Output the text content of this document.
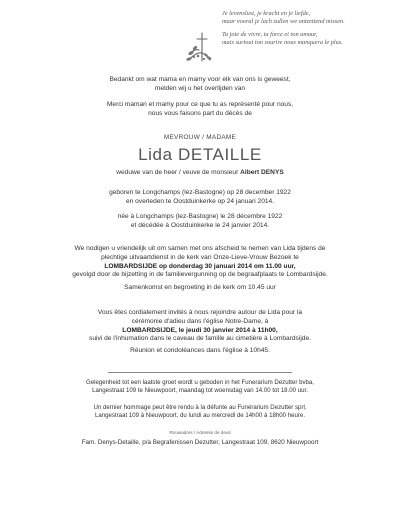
Je levenslust, je kracht en je liefde,
maar vooral je lach zullen we ontzettend missen.
Ta joie de vivre, ta force et ton amour,
mais surtout ton sourire nous manquera le plus.
Bedankt om wat mama en mamy voor elk van ons is geweest,
melden wij u het overlijden van
Merci maman et mamy pour ce que tu as représenté pour nous,
nous vous faisons part du décès de
MEVROUW / MADAME
Lida DETAILLE
weduwe van de heer / veuve de monsieur Albert DENYS
geboren te Longchamps (lez-Bastogne) op 28 december 1922
en overleden te Oostduinkerke op 24 januari 2014.
née à Longchamps (lez-Bastogne) le 28 décembre 1922
et décédée à Oostduinkerke le 24 janvier 2014.
We nodigen u vriendelijk uit om samen met ons afscheid te nemen van Lida tijdens de
plechtige uitvaartdienst in de kerk van Onze-Lieve-Vrouw Bezoek te
LOMBARDSIJDE op donderdag 30 januari 2014 om 11.00 uur,
gevolgd door de bijzetting in de familievergunning op de begraafplaats te Lombardsijde.
Samenkomst en begroeting in de kerk om 10.45 uur
Vous êtes cordialement invités à nous rejoindre autour de Lida pour la
cérémonie d'adieu dans l'église Notre-Dame, à
LOMBARDSIJDE, le jeudi 30 janvier 2014 à 11h00,
suivi de l'inhumation dans le caveau de famille au cimetière à Lombardsijde.
Réunion et condoléances dans l'église à 10h45.
Gelegenheid tot een laatste groet wordt u geboden in het Funerarium Dezutter bvba,
Langestraat 109 te Nieuwpoort, maandag tot woensdag van 14.00 tot 18.00 uur.
Un dernier hommage peut être rendu à la défunte au Funérarium Dezutter sprl,
Langestraat 109 à Nieuwpoort, du lundi au mercredi de 14h00 à 18h00 heure.
Rouwadres / Adresse de deuil
Fam. Denys-Detaille, p/a Begrafenissen Dezutter, Langestraat 109, 8620 Nieuwpoort
